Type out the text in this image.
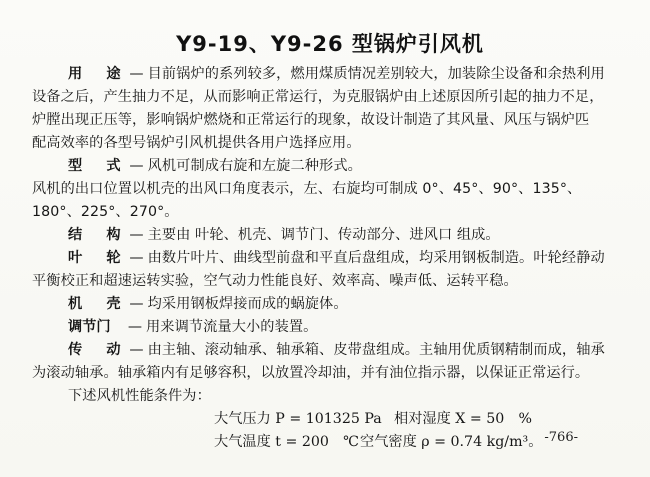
Y9-19、Y9-26 型锅炉引风机
用　途 — 目前锅炉的系列较多，燃用煤质情况差别较大，加装除尘设备和余热利用
设备之后，产生抽力不足，从而影响正常运行，为克服锅炉由上述原因所引起的抽力不足，
炉膛出现正压等，影响锅炉燃烧和正常运行的现象，故设计制造了其风量、风压与锅炉匹
配高效率的各型号锅炉引风机提供各用户选择应用。
型　式 — 风机可制成右旋和左旋二种形式。
风机的出口位置以机壳的出风口角度表示，左、右旋均可制成 0°、45°、90°、135°、
180°、225°、270°。
结　构 — 主要由 叶轮、机壳、调节门、传动部分、进风口 组成。
叶　轮 — 由数片叶片、曲线型前盘和平直后盘组成，均采用钢板制造。叶轮经静动
平衡校正和超速运转实验，空气动力性能良好、效率高、噪声低、运转平稳。
机　壳 — 均采用钢板焊接而成的蜗旋体。
调节门 — 用来调节流量大小的装置。
传　动 — 由主轴、滚动轴承、轴承箱、皮带盘组成。主轴用优质钢精制而成，轴承
为滚动轴承。轴承箱内有足够容积，以放置冷却油，并有油位指示器，以保证正常运行。
下述风机性能条件为：
大气压力 P = 101325 Pa 相对湿度 X = 50　%
大气温度 t = 200　℃ 空气密度 ρ = 0.74 kg/m³。 -766-
